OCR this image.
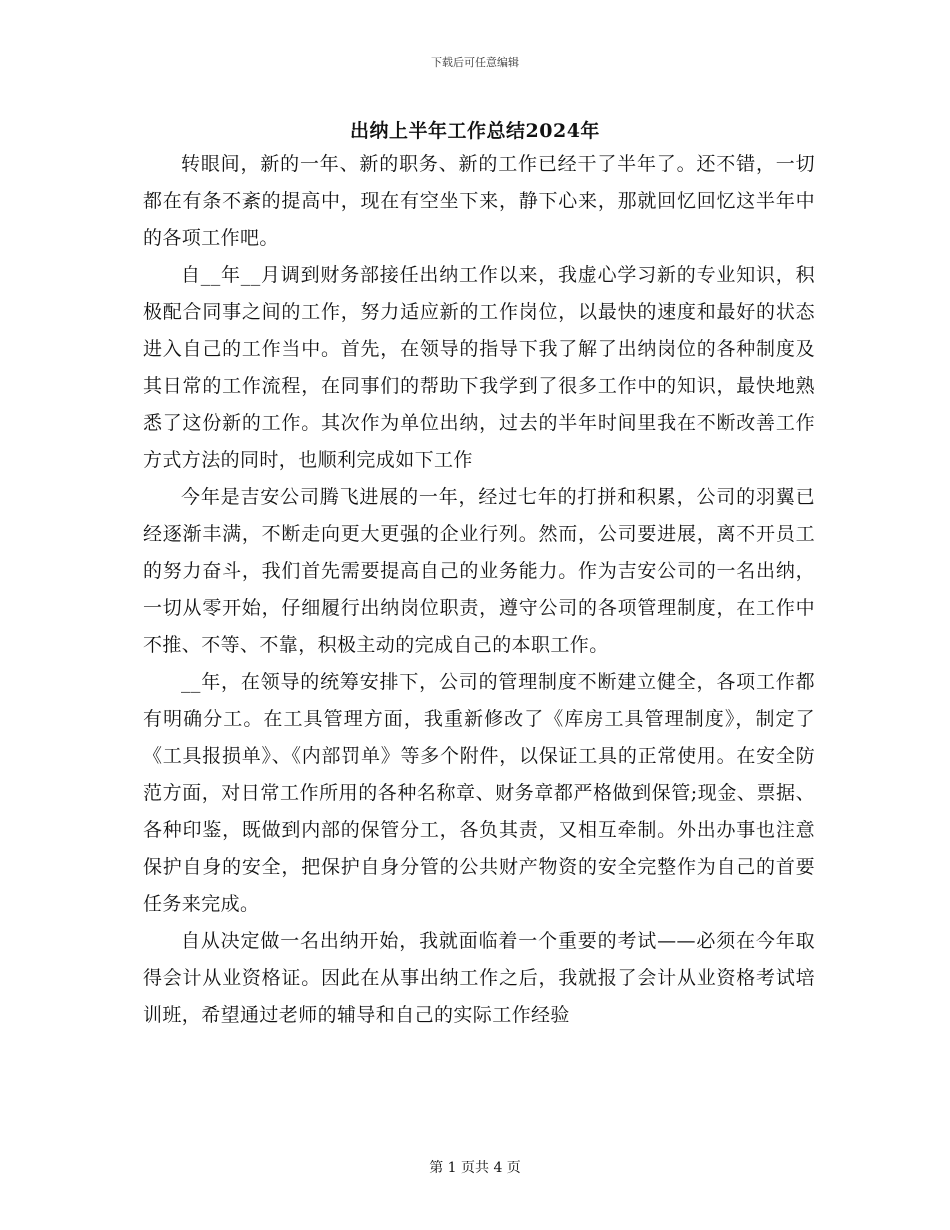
下载后可任意编辑
出纳上半年工作总结2024年

转眼间，新的一年、新的职务、新的工作已经干了半年了。还不错，一切都在有条不紊的提高中，现在有空坐下来，静下心来，那就回忆回忆这半年中的各项工作吧。

自__年__月调到财务部接任出纳工作以来，我虚心学习新的专业知识，积极配合同事之间的工作，努力适应新的工作岗位，以最快的速度和最好的状态进入自己的工作当中。首先，在领导的指导下我了解了出纳岗位的各种制度及其日常的工作流程，在同事们的帮助下我学到了很多工作中的知识，最快地熟悉了这份新的工作。其次作为单位出纳，过去的半年时间里我在不断改善工作方式方法的同时，也顺利完成如下工作

今年是吉安公司腾飞进展的一年，经过七年的打拼和积累，公司的羽翼已经逐渐丰满，不断走向更大更强的企业行列。然而，公司要进展，离不开员工的努力奋斗，我们首先需要提高自己的业务能力。作为吉安公司的一名出纳，一切从零开始，仔细履行出纳岗位职责，遵守公司的各项管理制度，在工作中不推、不等、不靠，积极主动的完成自己的本职工作。

__年，在领导的统筹安排下，公司的管理制度不断建立健全，各项工作都有明确分工。在工具管理方面，我重新修改了《库房工具管理制度》，制定了《工具报损单》、《内部罚单》等多个附件，以保证工具的正常使用。在安全防范方面，对日常工作所用的各种名称章、财务章都严格做到保管;现金、票据、各种印鉴，既做到内部的保管分工，各负其责，又相互牵制。外出办事也注意保护自身的安全，把保护自身分管的公共财产物资的安全完整作为自己的首要任务来完成。

自从决定做一名出纳开始，我就面临着一个重要的考试——必须在今年取得会计从业资格证。因此在从事出纳工作之后，我就报了会计从业资格考试培训班，希望通过老师的辅导和自己的实际工作经验

第 1 页共 4 页
